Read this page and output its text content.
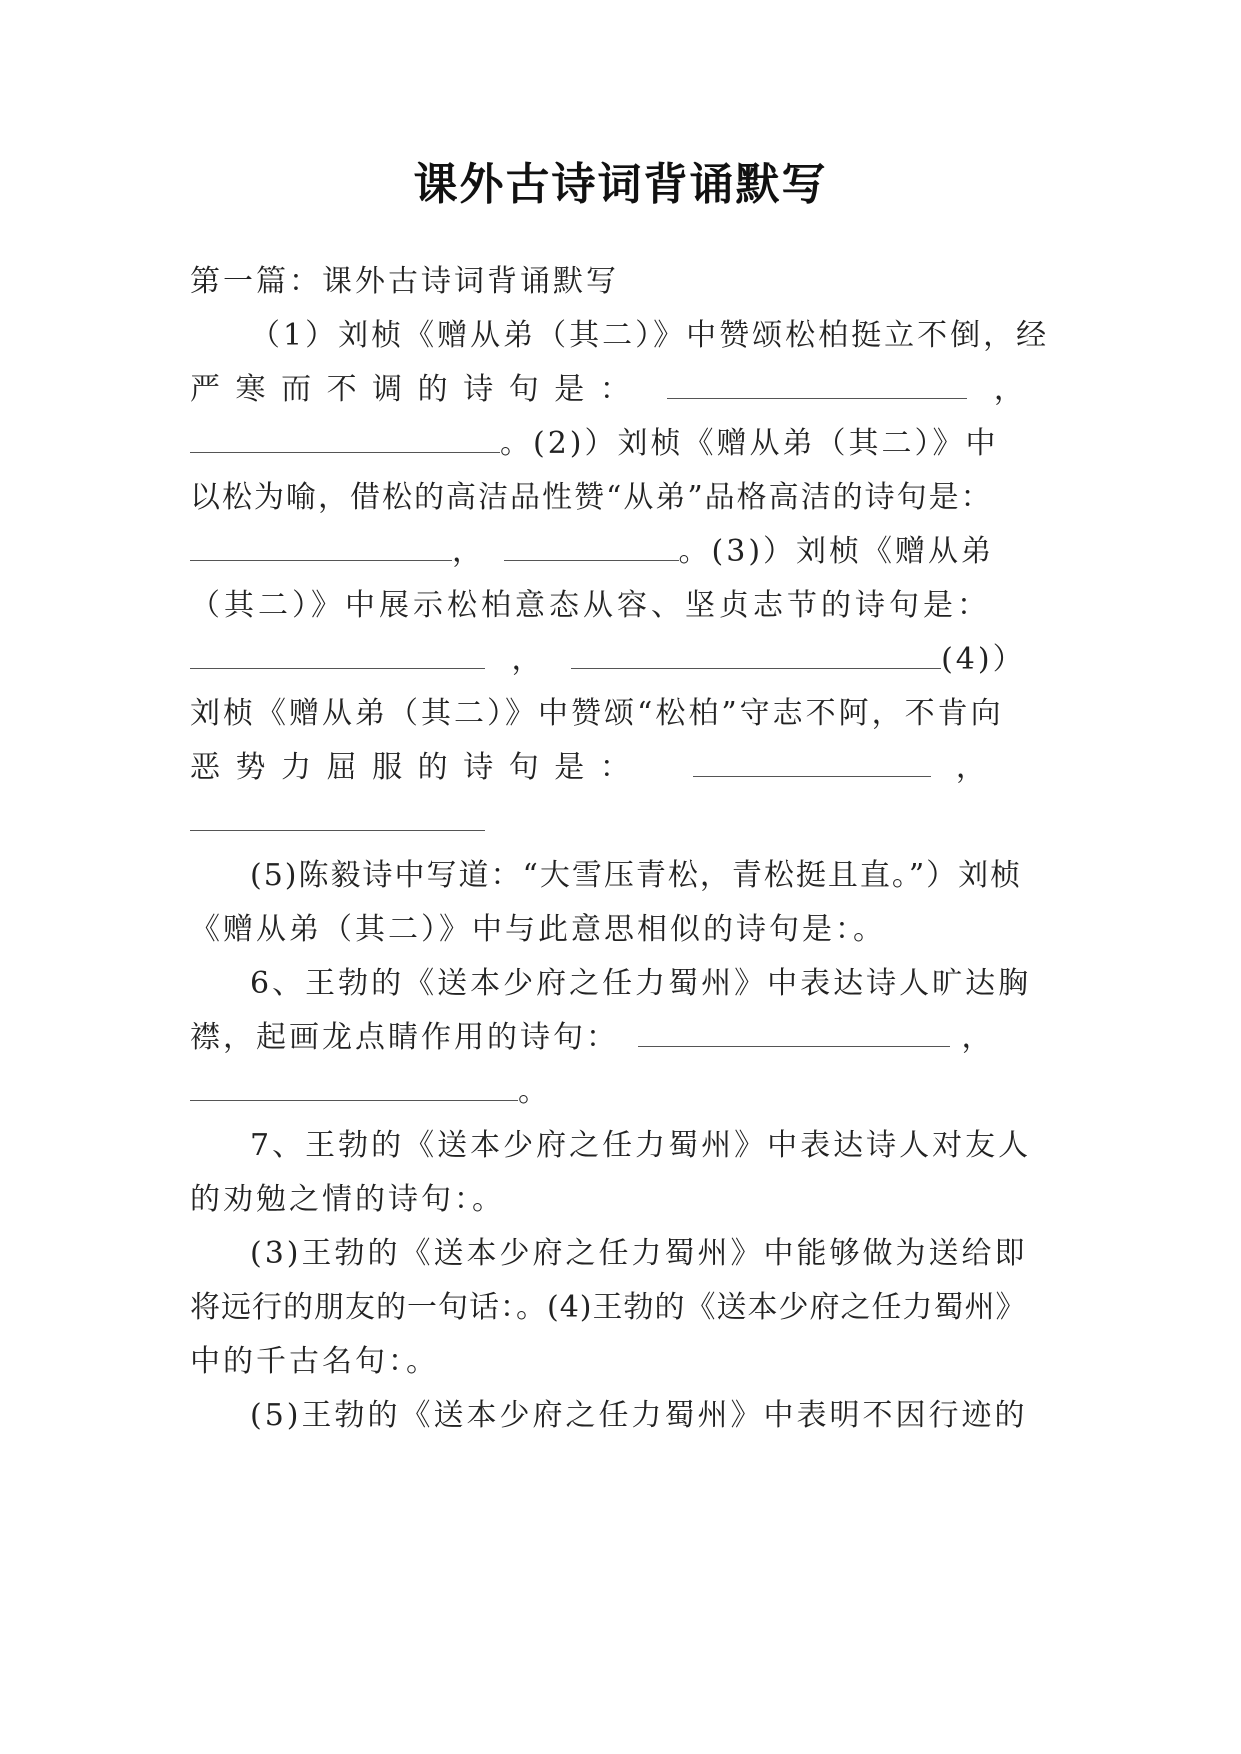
课外古诗词背诵默写
第一篇：课外古诗词背诵默写
（1）刘桢《赠从弟（其二）》中赞颂松柏挺立不倒，经
严 寒 而 不 调 的 诗 句 是 ：	，
。(2)）刘桢《赠从弟（其二）》中
以松为喻，借松的高洁品性赞“从弟”品格高洁的诗句是：
，	。(3)）刘桢《赠从弟
（其二）》中展示松柏意态从容、坚贞志节的诗句是：
，	(4)）
刘桢《赠从弟（其二）》中赞颂“松柏”守志不阿，不肯向
恶 势 力 屈 服 的 诗 句 是 ：	，
(5)陈毅诗中写道：“大雪压青松，青松挺且直。”）刘桢
《赠从弟（其二）》中与此意思相似的诗句是：。
6、王勃的《送本少府之任力蜀州》中表达诗人旷达胸
襟，起画龙点睛作用的诗句：	，
。
7、王勃的《送本少府之任力蜀州》中表达诗人对友人
的劝勉之情的诗句：。
(3)王勃的《送本少府之任力蜀州》中能够做为送给即
将远行的朋友的一句话：。(4)王勃的《送本少府之任力蜀州》
中的千古名句：。
(5)王勃的《送本少府之任力蜀州》中表明不因行迹的
